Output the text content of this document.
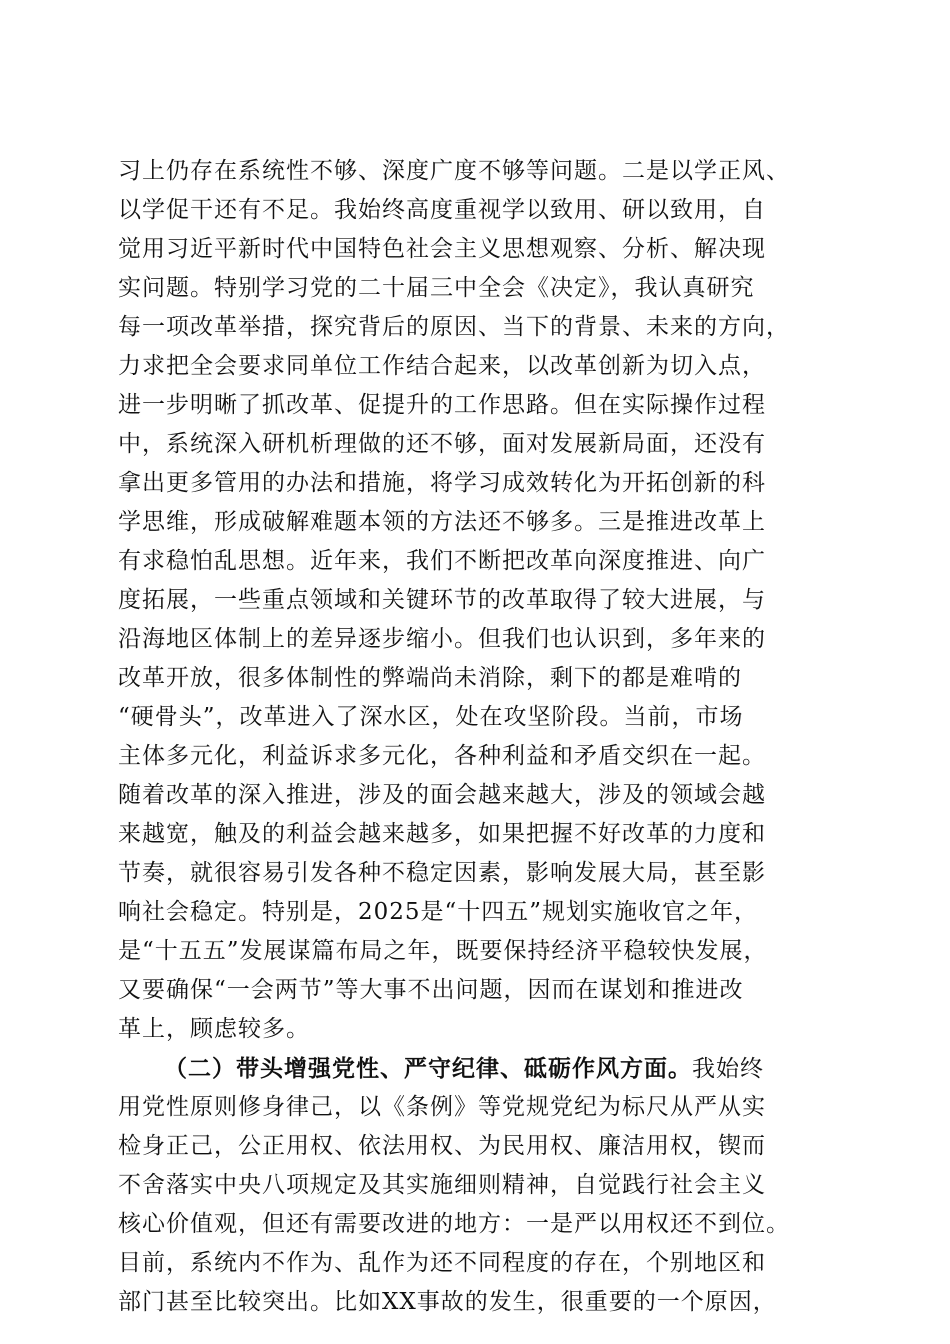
习上仍存在系统性不够、深度广度不够等问题。二是以学正风、
以学促干还有不足。我始终高度重视学以致用、研以致用，自
觉用习近平新时代中国特色社会主义思想观察、分析、解决现
实问题。特别学习党的二十届三中全会《决定》，我认真研究
每一项改革举措，探究背后的原因、当下的背景、未来的方向，
力求把全会要求同单位工作结合起来，以改革创新为切入点，
进一步明晰了抓改革、促提升的工作思路。但在实际操作过程
中，系统深入研机析理做的还不够，面对发展新局面，还没有
拿出更多管用的办法和措施，将学习成效转化为开拓创新的科
学思维，形成破解难题本领的方法还不够多。三是推进改革上
有求稳怕乱思想。近年来，我们不断把改革向深度推进、向广
度拓展，一些重点领域和关键环节的改革取得了较大进展，与
沿海地区体制上的差异逐步缩小。但我们也认识到，多年来的
改革开放，很多体制性的弊端尚未消除，剩下的都是难啃的
“硬骨头”，改革进入了深水区，处在攻坚阶段。当前，市场
主体多元化，利益诉求多元化，各种利益和矛盾交织在一起。
随着改革的深入推进，涉及的面会越来越大，涉及的领域会越
来越宽，触及的利益会越来越多，如果把握不好改革的力度和
节奏，就很容易引发各种不稳定因素，影响发展大局，甚至影
响社会稳定。特别是，2025是“十四五”规划实施收官之年，
是“十五五”发展谋篇布局之年，既要保持经济平稳较快发展，
又要确保“一会两节”等大事不出问题，因而在谋划和推进改
革上，顾虑较多。
（二）带头增强党性、严守纪律、砥砺作风方面。我始终
用党性原则修身律己，以《条例》等党规党纪为标尺从严从实
检身正己，公正用权、依法用权、为民用权、廉洁用权，锲而
不舍落实中央八项规定及其实施细则精神，自觉践行社会主义
核心价值观，但还有需要改进的地方：一是严以用权还不到位。
目前，系统内不作为、乱作为还不同程度的存在，个别地区和
部门甚至比较突出。比如XX事故的发生，很重要的一个原因，
